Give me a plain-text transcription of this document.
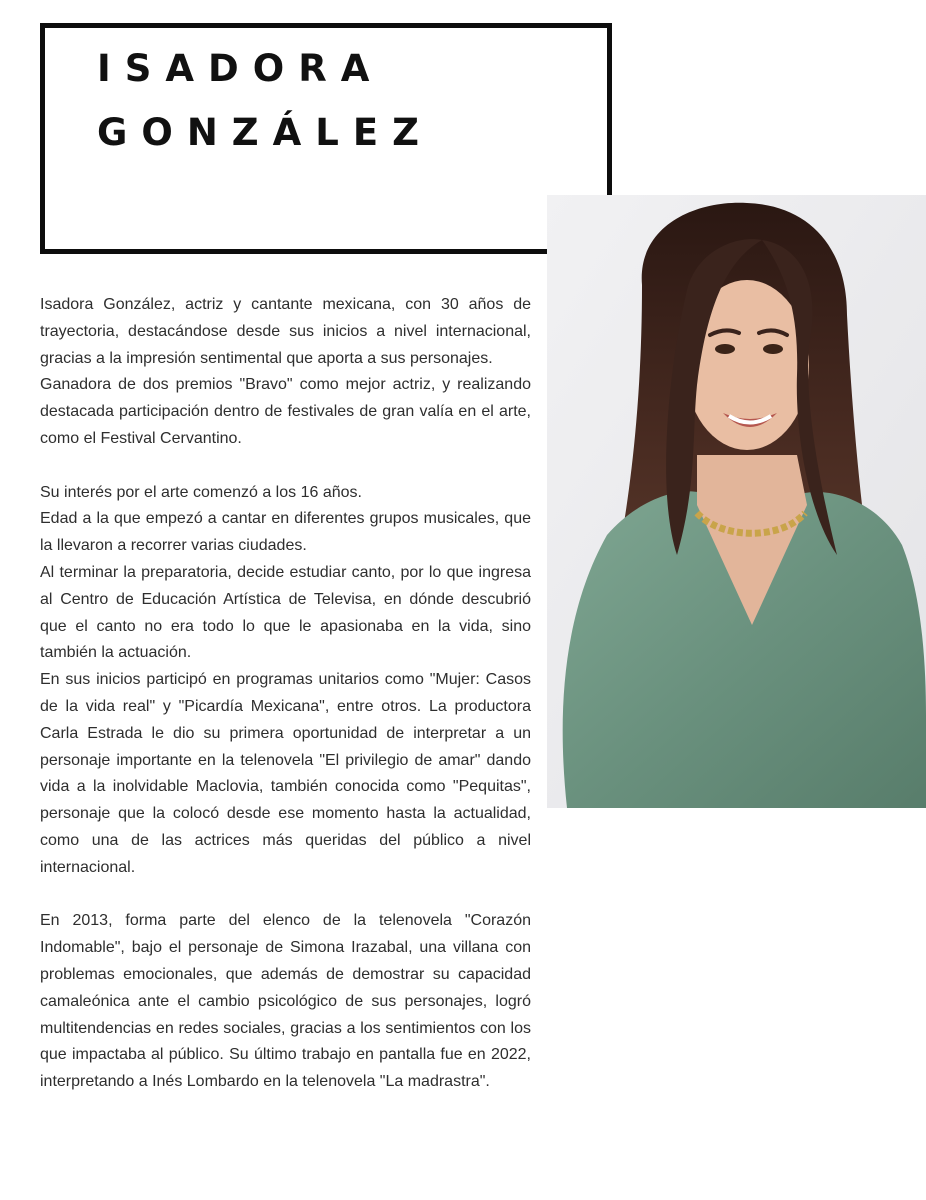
ISADORA
GONZÁLEZ

Isadora González, actriz y cantante mexicana, con 30 años de trayectoria, destacándose desde sus inicios a nivel internacional, gracias a la impresión sentimental que aporta a sus personajes.

Ganadora de dos premios "Bravo" como mejor actriz, y realizando destacada participación dentro de festivales de gran valía en el arte, como el Festival Cervantino.

Su interés por el arte comenzó a los 16 años.

Edad a la que empezó a cantar en diferentes grupos musicales, que la llevaron a recorrer varias ciudades.

Al terminar la preparatoria, decide estudiar canto, por lo que ingresa al Centro de Educación Artística de Televisa, en dónde descubrió que el canto no era todo lo que le apasionaba en la vida, sino también la actuación.

En sus inicios participó en programas unitarios como "Mujer: Casos de la vida real" y "Picardía Mexicana", entre otros. La productora Carla Estrada le dio su primera oportunidad de interpretar a un personaje importante en la telenovela "El privilegio de amar" dando vida a la inolvidable Maclovia, también conocida como "Pequitas", personaje que la colocó desde ese momento hasta la actualidad, como una de las actrices más queridas del público a nivel internacional.

En 2013, forma parte del elenco de la telenovela "Corazón Indomable", bajo el personaje de Simona Irazabal, una villana con problemas emocionales, que además de demostrar su capacidad camaleónica ante el cambio psicológico de sus personajes, logró multitendencias en redes sociales, gracias a los sentimientos con los que impactaba al público. Su último trabajo en pantalla fue en 2022, interpretando a Inés Lombardo en la telenovela "La madrastra".
